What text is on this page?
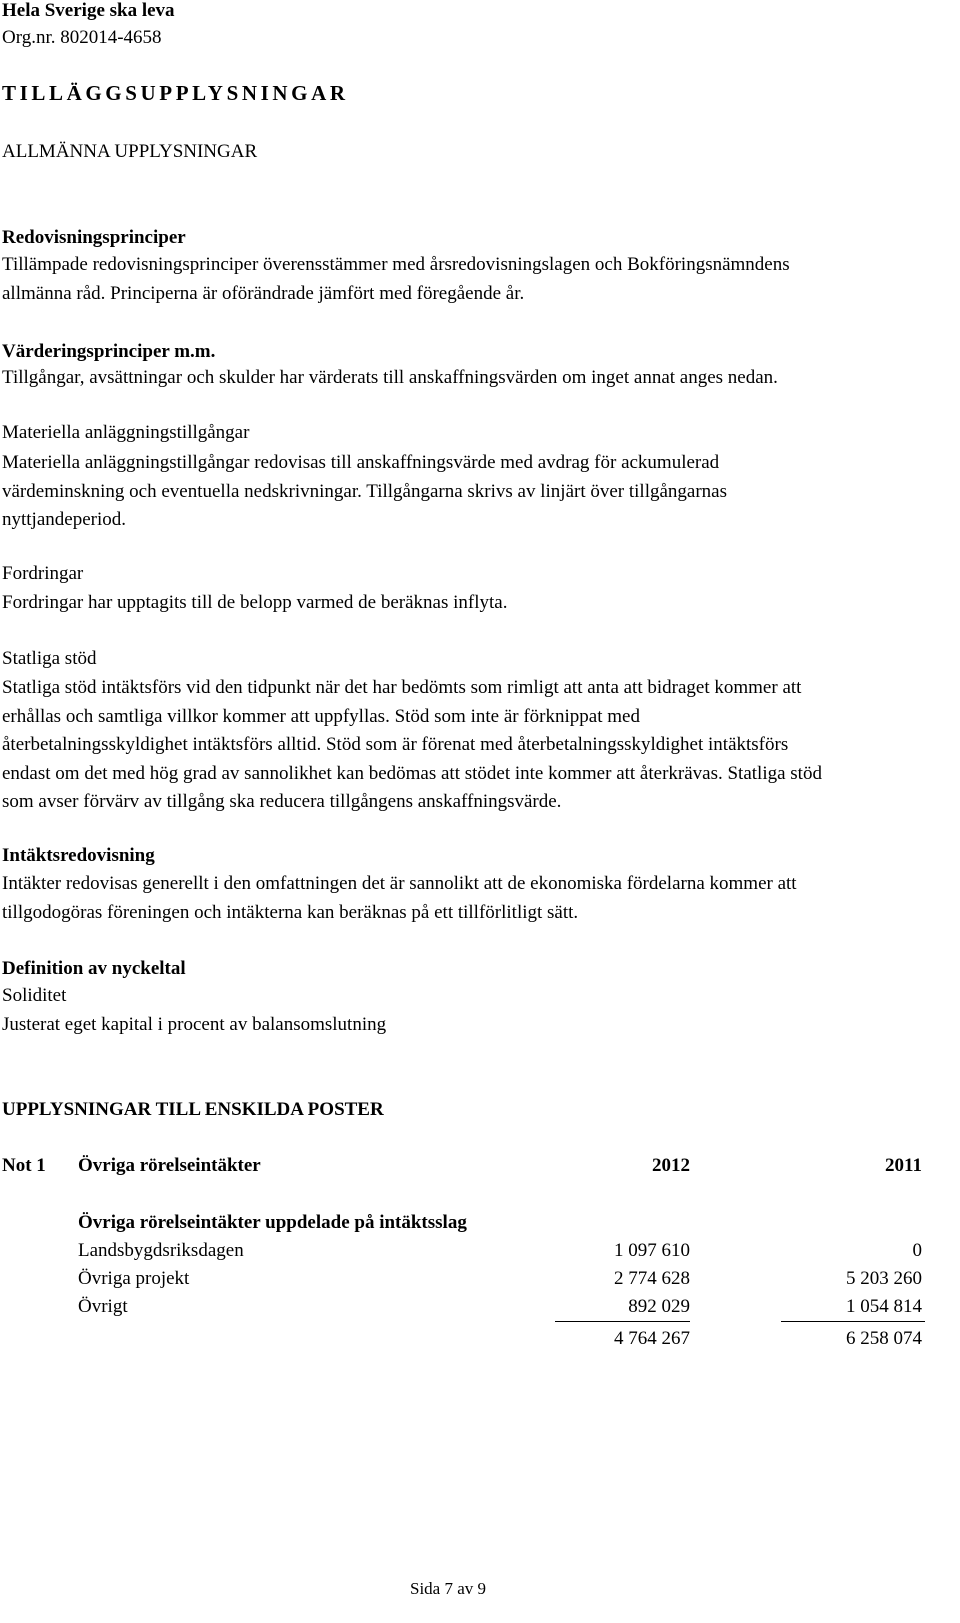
Hela Sverige ska leva
Org.nr. 802014-4658
TILLÄGGSUPPLYSNINGAR
ALLMÄNNA UPPLYSNINGAR
Redovisningsprinciper
Tillämpade redovisningsprinciper överensstämmer med årsredovisningslagen och Bokföringsnämndens
allmänna råd. Principerna är oförändrade jämfört med föregående år.
Värderingsprinciper m.m.
Tillgångar, avsättningar och skulder har värderats till anskaffningsvärden om inget annat anges nedan.
Materiella anläggningstillgångar
Materiella anläggningstillgångar redovisas till anskaffningsvärde med avdrag för ackumulerad
värdeminskning och eventuella nedskrivningar. Tillgångarna skrivs av linjärt över tillgångarnas
nyttjandeperiod.
Fordringar
Fordringar har upptagits till de belopp varmed de beräknas inflyta.
Statliga stöd
Statliga stöd intäktsförs vid den tidpunkt när det har bedömts som rimligt att anta att bidraget kommer att
erhållas och samtliga villkor kommer att uppfyllas. Stöd som inte är förknippat med
återbetalningsskyldighet intäktsförs alltid. Stöd som är förenat med återbetalningsskyldighet intäktsförs
endast om det med hög grad av sannolikhet kan bedömas att stödet inte kommer att återkrävas. Statliga stöd
som avser förvärv av tillgång ska reducera tillgångens anskaffningsvärde.
Intäktsredovisning
Intäkter redovisas generellt i den omfattningen det är sannolikt att de ekonomiska fördelarna kommer att
tillgodogöras föreningen och intäkterna kan beräknas på ett tillförlitligt sätt.
Definition av nyckeltal
Soliditet
Justerat eget kapital i procent av balansomslutning
UPPLYSNINGAR TILL ENSKILDA POSTER
Not 1 Övriga rörelseintäkter	2012	2011
Övriga rörelseintäkter uppdelade på intäktsslag
Landsbygdsriksdagen	1 097 610	0
Övriga projekt	2 774 628	5 203 260
Övrigt	892 029	1 054 814
4 764 267	6 258 074
Sida 7 av 9
